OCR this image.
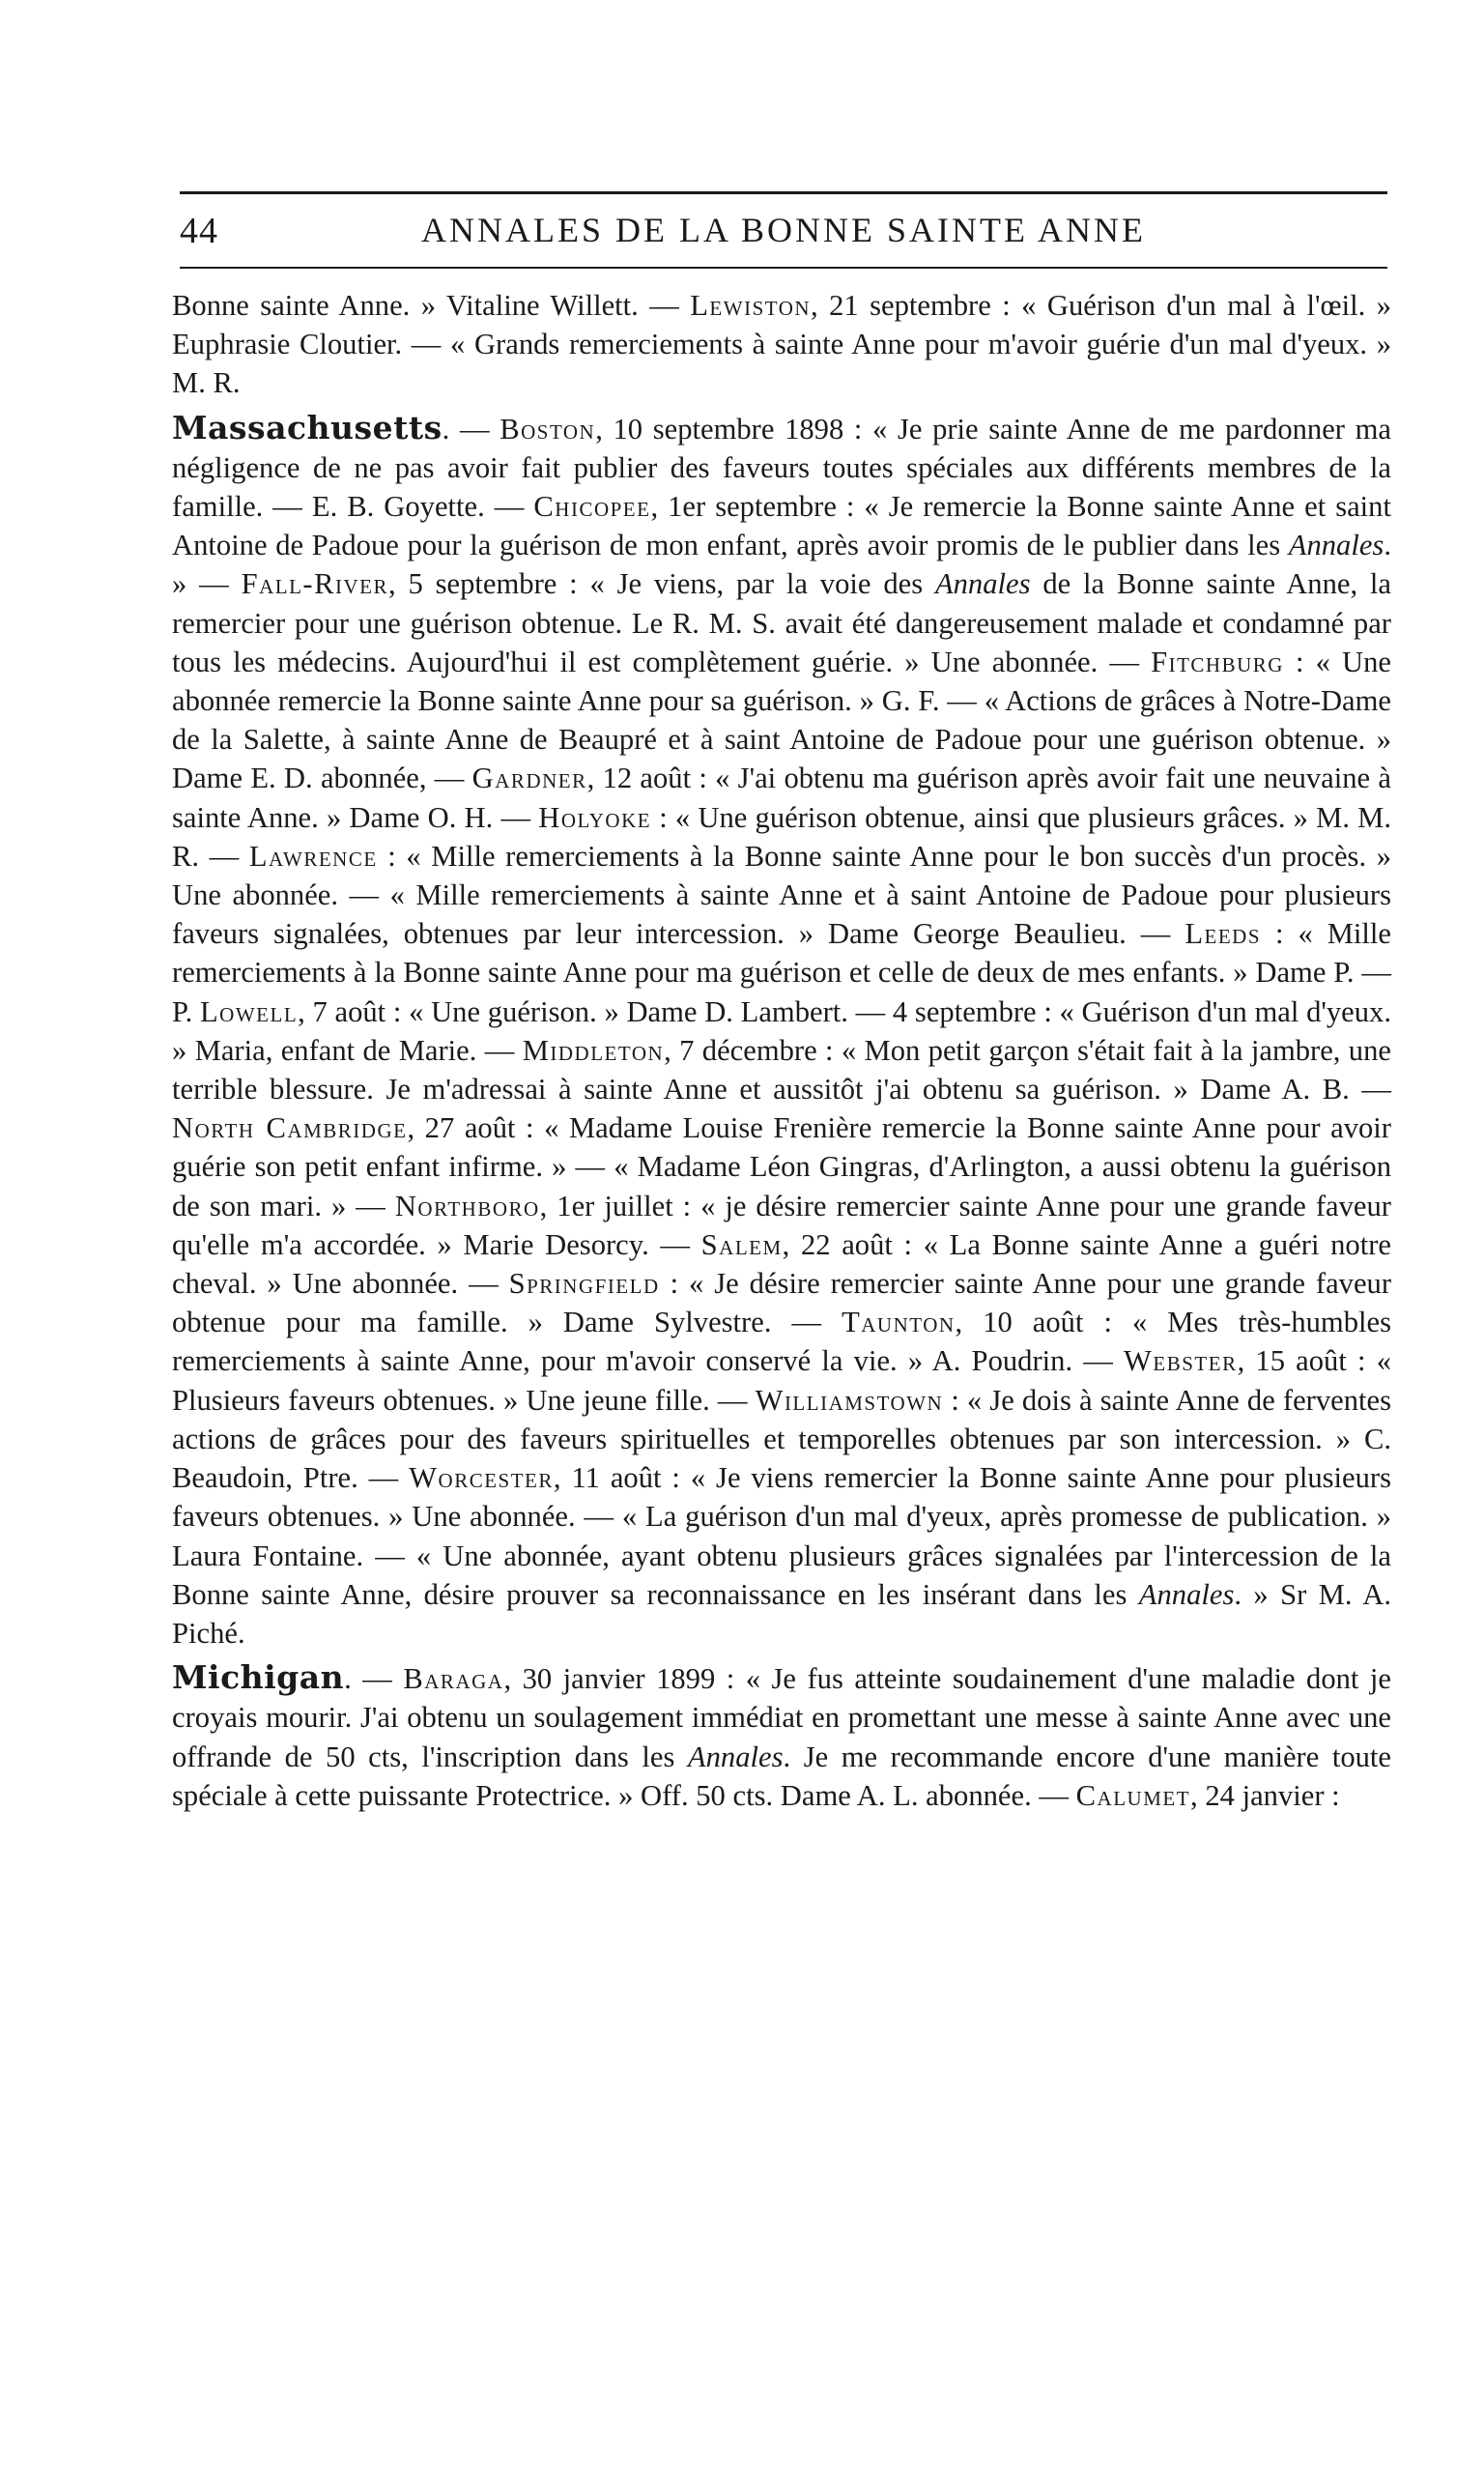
44	ANNALES DE LA BONNE SAINTE ANNE

Bonne sainte Anne. » Vitaline Willett. — Lewiston, 21 septembre : « Guérison d'un mal à l'œil. » Euphrasie Cloutier. — « Grands remerciements à sainte Anne pour m'avoir guérie d'un mal d'yeux. » M. R.

Massachusetts. — Boston, 10 septembre 1898 : « Je prie sainte Anne de me pardonner ma négligence de ne pas avoir fait publier des faveurs toutes spéciales aux différents membres de la famille. — E. B. Goyette. — Chicopee, 1er septembre : « Je remercie la Bonne sainte Anne et saint Antoine de Padoue pour la guérison de mon enfant, après avoir promis de le publier dans les Annales. » — Fall-River, 5 septembre : « Je viens, par la voie des Annales de la Bonne sainte Anne, la remercier pour une guérison obtenue. Le R. M. S. avait été dangereusement malade et condamné par tous les médecins. Aujourd'hui il est complètement guérie. » Une abonnée. — Fitchburg : « Une abonnée remercie la Bonne sainte Anne pour sa guérison. » G. F. — « Actions de grâces à Notre-Dame de la Salette, à sainte Anne de Beaupré et à saint Antoine de Padoue pour une guérison obtenue. » Dame E. D. abonnée, — Gardner, 12 août : « J'ai obtenu ma guérison après avoir fait une neuvaine à sainte Anne. » Dame O. H. — Holyoke : « Une guérison obtenue, ainsi que plusieurs grâces. » M. M. R. — Lawrence : « Mille remerciements à la Bonne sainte Anne pour le bon succès d'un procès. » Une abonnée. — « Mille remerciements à sainte Anne et à saint Antoine de Padoue pour plusieurs faveurs signalées, obtenues par leur intercession. » Dame George Beaulieu. — Leeds : « Mille remerciements à la Bonne sainte Anne pour ma guérison et celle de deux de mes enfants. » Dame P. — P. Lowell, 7 août : « Une guérison. » Dame D. Lambert. — 4 septembre : « Guérison d'un mal d'yeux. » Maria, enfant de Marie. — Middleton, 7 décembre : « Mon petit garçon s'était fait à la jambre, une terrible blessure. Je m'adressai à sainte Anne et aussitôt j'ai obtenu sa guérison. » Dame A. B. — North Cambridge, 27 août : « Madame Louise Frenière remercie la Bonne sainte Anne pour avoir guérie son petit enfant infirme. » — « Madame Léon Gingras, d'Arlington, a aussi obtenu la guérison de son mari. » — Northboro, 1er juillet : « je désire remercier sainte Anne pour une grande faveur qu'elle m'a accordée. » Marie Desorcy. — Salem, 22 août : « La Bonne sainte Anne a guéri notre cheval. » Une abonnée. — Springfield : « Je désire remercier sainte Anne pour une grande faveur obtenue pour ma famille. » Dame Sylvestre. — Taunton, 10 août : « Mes très-humbles remerciements à sainte Anne, pour m'avoir conservé la vie. » A. Poudrin. — Webster, 15 août : « Plusieurs faveurs obtenues. » Une jeune fille. — Williamstown : « Je dois à sainte Anne de ferventes actions de grâces pour des faveurs spirituelles et temporelles obtenues par son intercession. » C. Beaudoin, Ptre. — Worcester, 11 août : « Je viens remercier la Bonne sainte Anne pour plusieurs faveurs obtenues. » Une abonnée. — « La guérison d'un mal d'yeux, après promesse de publication. » Laura Fontaine. — « Une abonnée, ayant obtenu plusieurs grâces signalées par l'intercession de la Bonne sainte Anne, désire prouver sa reconnaissance en les insérant dans les Annales. » Sr M. A. Piché.

Michigan. — Baraga, 30 janvier 1899 : « Je fus atteinte soudainement d'une maladie dont je croyais mourir. J'ai obtenu un soulagement immédiat en promettant une messe à sainte Anne avec une offrande de 50 cts, l'inscription dans les Annales. Je me recommande encore d'une manière toute spéciale à cette puissante Protectrice. » Off. 50 cts. Dame A. L. abonnée. — Calumet, 24 janvier :
